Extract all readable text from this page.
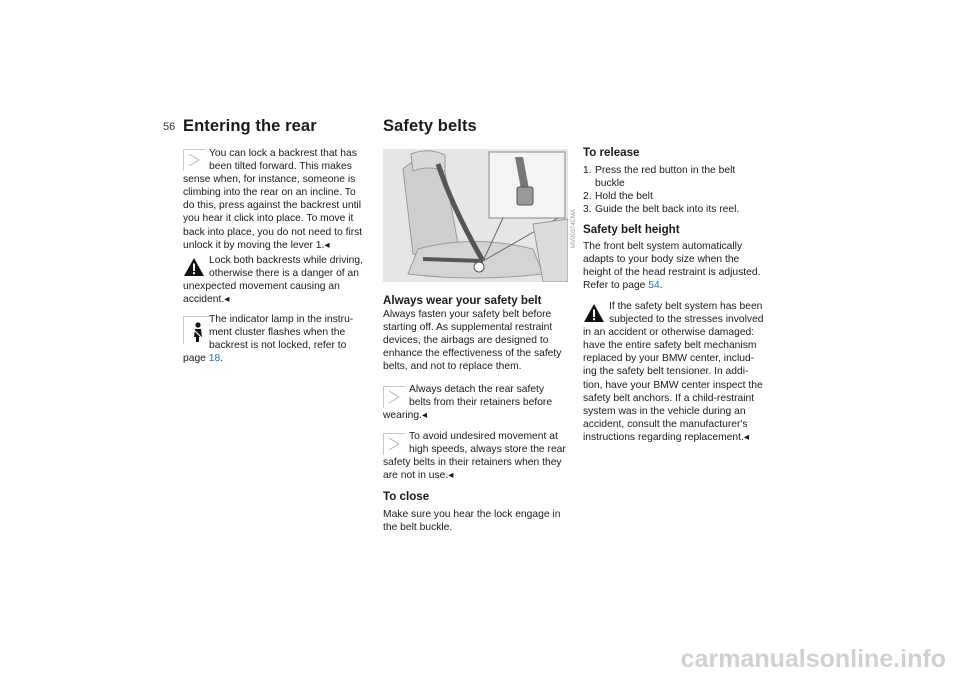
56 Entering the rear
You can lock a backrest that has
been tilted forward. This makes
sense when, for instance, someone is
climbing into the rear on an incline. To
do this, press against the backrest until
you hear it click into place. To move it
back into place, you do not need to first
unlock it by moving the lever 1.◂
Lock both backrests while driving,
otherwise there is a danger of an
unexpected movement causing an
accident.◂
The indicator lamp in the instru-
ment cluster flashes when the
backrest is not locked, refer to
page 18.
Safety belts
MV00374CMA
Always wear your safety belt
Always fasten your safety belt before
starting off. As supplemental restraint
devices, the airbags are designed to
enhance the effectiveness of the safety
belts, and not to replace them.
Always detach the rear safety
belts from their retainers before
wearing.◂
To avoid undesired movement at
high speeds, always store the rear
safety belts in their retainers when they
are not in use.◂
To close
Make sure you hear the lock engage in
the belt buckle.
To release
1. Press the red button in the belt
buckle
2. Hold the belt
3. Guide the belt back into its reel.
Safety belt height
The front belt system automatically
adapts to your body size when the
height of the head restraint is adjusted.
Refer to page 54.
If the safety belt system has been
subjected to the stresses involved
in an accident or otherwise damaged:
have the entire safety belt mechanism
replaced by your BMW center, includ-
ing the safety belt tensioner. In addi-
tion, have your BMW center inspect the
safety belt anchors. If a child-restraint
system was in the vehicle during an
accident, consult the manufacturer's
instructions regarding replacement.◂
carmanualsonline.info
